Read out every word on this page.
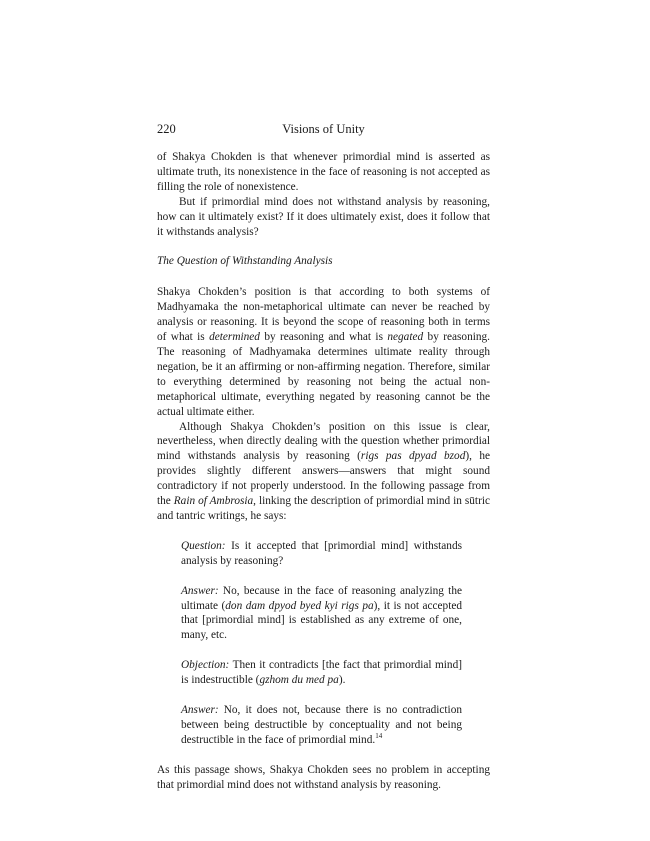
220	Visions of Unity

of Shakya Chokden is that whenever primordial mind is asserted as ultimate truth, its nonexistence in the face of reasoning is not accepted as filling the role of nonexistence.

But if primordial mind does not withstand analysis by reasoning, how can it ultimately exist? If it does ultimately exist, does it follow that it withstands analysis?

The Question of Withstanding Analysis

Shakya Chokden’s position is that according to both systems of Madhyamaka the non-metaphorical ultimate can never be reached by analysis or reasoning. It is beyond the scope of reasoning both in terms of what is determined by reasoning and what is negated by reasoning. The reasoning of Madhyamaka determines ultimate reality through negation, be it an affirming or non-affirming negation. Therefore, similar to everything determined by reasoning not being the actual non-metaphorical ultimate, everything negated by reasoning cannot be the actual ultimate either.

Although Shakya Chokden’s position on this issue is clear, nevertheless, when directly dealing with the question whether primordial mind withstands analysis by reasoning (rigs pas dpyad bzod), he provides slightly different answers—answers that might sound contradictory if not properly understood. In the following passage from the Rain of Ambrosia, linking the description of primordial mind in sūtric and tantric writings, he says:

Question: Is it accepted that [primordial mind] withstands analysis by reasoning?

Answer: No, because in the face of reasoning analyzing the ultimate (don dam dpyod byed kyi rigs pa), it is not accepted that [primordial mind] is established as any extreme of one, many, etc.

Objection: Then it contradicts [the fact that primordial mind] is indestructible (gzhom du med pa).

Answer: No, it does not, because there is no contradiction between being destructible by conceptuality and not being destructible in the face of primordial mind.$^{14}$

As this passage shows, Shakya Chokden sees no problem in accepting that primordial mind does not withstand analysis by reasoning.
